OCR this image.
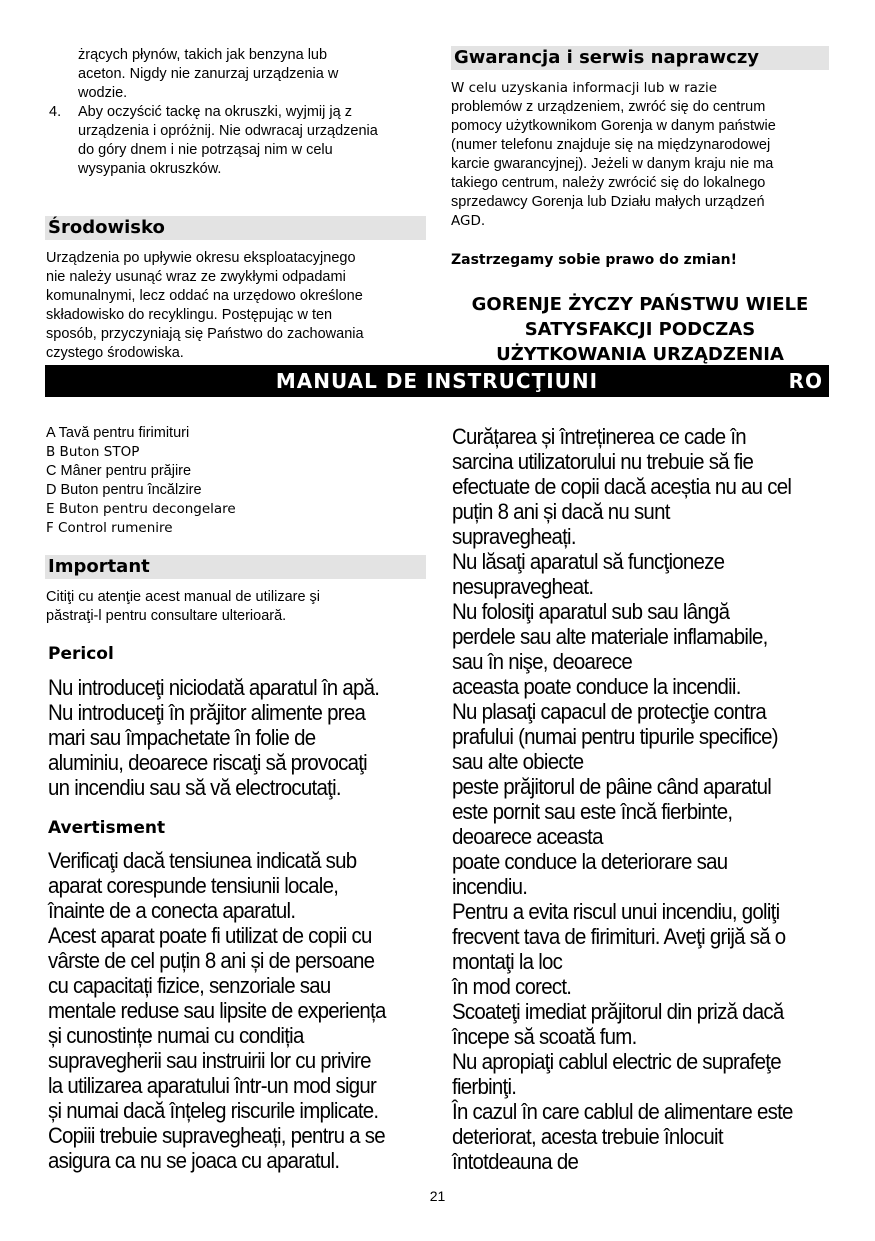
żrących płynów, takich jak benzyna lub
aceton. Nigdy nie zanurzaj urządzenia w
wodzie.
4. Aby oczyścić tackę na okruszki, wyjmij ją z
urządzenia i opróżnij. Nie odwracaj urządzenia
do góry dnem i nie potrząsaj nim w celu
wysypania okruszków.
Środowisko
Urządzenia po upływie okresu eksploatacyjnego
nie należy usunąć wraz ze zwykłymi odpadami
komunalnymi, lecz oddać na urzędowo określone
składowisko do recyklingu. Postępując w ten
sposób, przyczyniają się Państwo do zachowania
czystego środowiska.
Gwarancja i serwis naprawczy
W celu uzyskania informacji lub w razie
problemów z urządzeniem, zwróć się do centrum
pomocy użytkownikom Gorenja w danym państwie
(numer telefonu znajduje się na międzynarodowej
karcie gwarancyjnej). Jeżeli w danym kraju nie ma
takiego centrum, należy zwrócić się do lokalnego
sprzedawcy Gorenja lub Działu małych urządzeń
AGD.
Zastrzegamy sobie prawo do zmian!
GORENJE ŻYCZY PAŃSTWU WIELE
SATYSFAKCJI PODCZAS
UŻYTKOWANIA URZĄDZENIA
MANUAL DE INSTRUCŢIUNI	RO
A Tavă pentru firimituri
B Buton STOP
C Mâner pentru prăjire
D Buton pentru încălzire
E Buton pentru decongelare
F Control rumenire
Important
Citiţi cu atenţie acest manual de utilizare şi
păstraţi-l pentru consultare ulterioară.
Pericol
Nu introduceţi niciodată aparatul în apă.
Nu introduceţi în prăjitor alimente prea
mari sau împachetate în folie de
aluminiu, deoarece riscaţi să provocaţi
un incendiu sau să vă electrocutaţi.
Avertisment
Verificaţi dacă tensiunea indicată sub
aparat corespunde tensiunii locale,
înainte de a conecta aparatul.
Acest aparat poate fi utilizat de copii cu
vârste de cel puțin 8 ani și de persoane
cu capacitați fizice, senzoriale sau
mentale reduse sau lipsite de experiența
și cunostințe numai cu condiția
supravegherii sau instruirii lor cu privire
la utilizarea aparatului într-un mod sigur
și numai dacă înțeleg riscurile implicate.
Copiii trebuie supravegheați, pentru a se
asigura ca nu se joaca cu aparatul.
Curățarea și întreținerea ce cade în
sarcina utilizatorului nu trebuie să fie
efectuate de copii dacă aceștia nu au cel
puțin 8 ani și dacă nu sunt
supravegheați.
Nu lăsaţi aparatul să funcţioneze
nesupravegheat.
Nu folosiţi aparatul sub sau lângă
perdele sau alte materiale inflamabile,
sau în nişe, deoarece
aceasta poate conduce la incendii.
Nu plasaţi capacul de protecţie contra
prafului (numai pentru tipurile specifice)
sau alte obiecte
peste prăjitorul de pâine când aparatul
este pornit sau este încă fierbinte,
deoarece aceasta
poate conduce la deteriorare sau
incendiu.
Pentru a evita riscul unui incendiu, goliţi
frecvent tava de firimituri. Aveţi grijă să o
montaţi la loc
în mod corect.
Scoateţi imediat prăjitorul din priză dacă
începe să scoată fum.
Nu apropiaţi cablul electric de suprafeţe
fierbinţi.
În cazul în care cablul de alimentare este
deteriorat, acesta trebuie înlocuit
întotdeauna de
21
